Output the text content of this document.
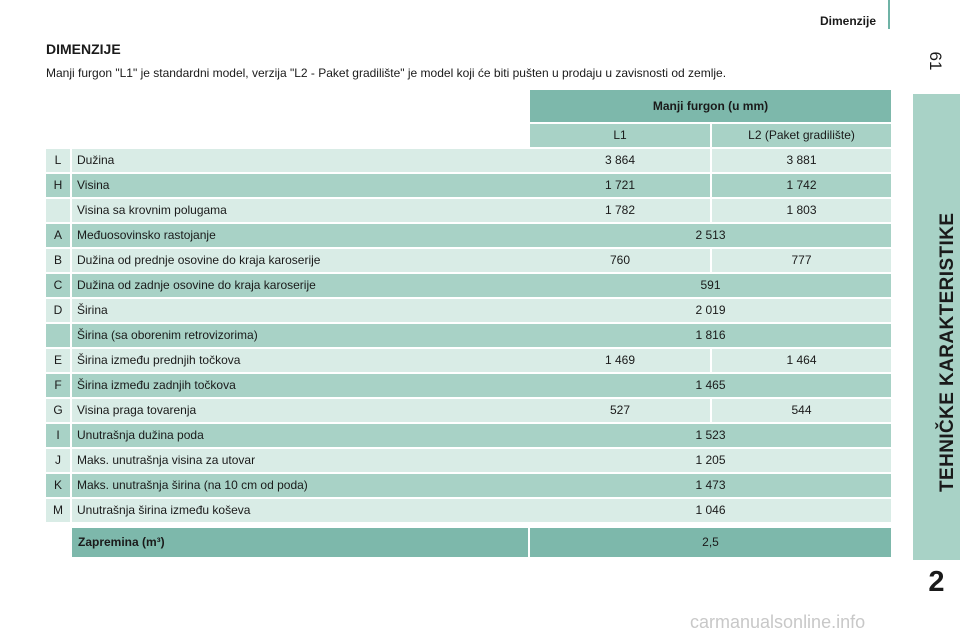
Dimenzije
61
TEHNIČKE KARAKTERISTIKE
2
DIMENZIJE
Manji furgon "L1" je standardni model, verzija "L2 - Paket gradilište" je model koji će biti pušten u prodaju u zavisnosti od zemlje.
Manji furgon (u mm)
L1	L2 (Paket gradilište)
L	Dužina	3 864	3 881
H	Visina	1 721	1 742
Visina sa krovnim polugama	1 782	1 803
A	Međuosovinsko rastojanje	2 513
B	Dužina od prednje osovine do kraja karoserije	760	777
C	Dužina od zadnje osovine do kraja karoserije	591
D	Širina	2 019
Širina (sa oborenim retrovizorima)	1 816
E	Širina između prednjih točkova	1 469	1 464
F	Širina između zadnjih točkova	1 465
G	Visina praga tovarenja	527	544
I	Unutrašnja dužina poda	1 523
J	Maks. unutrašnja visina za utovar	1 205
K	Maks. unutrašnja širina (na 10 cm od poda)	1 473
M	Unutrašnja širina između koševa	1 046
Zapremina (m³)	2,5
carmanualsonline.info
